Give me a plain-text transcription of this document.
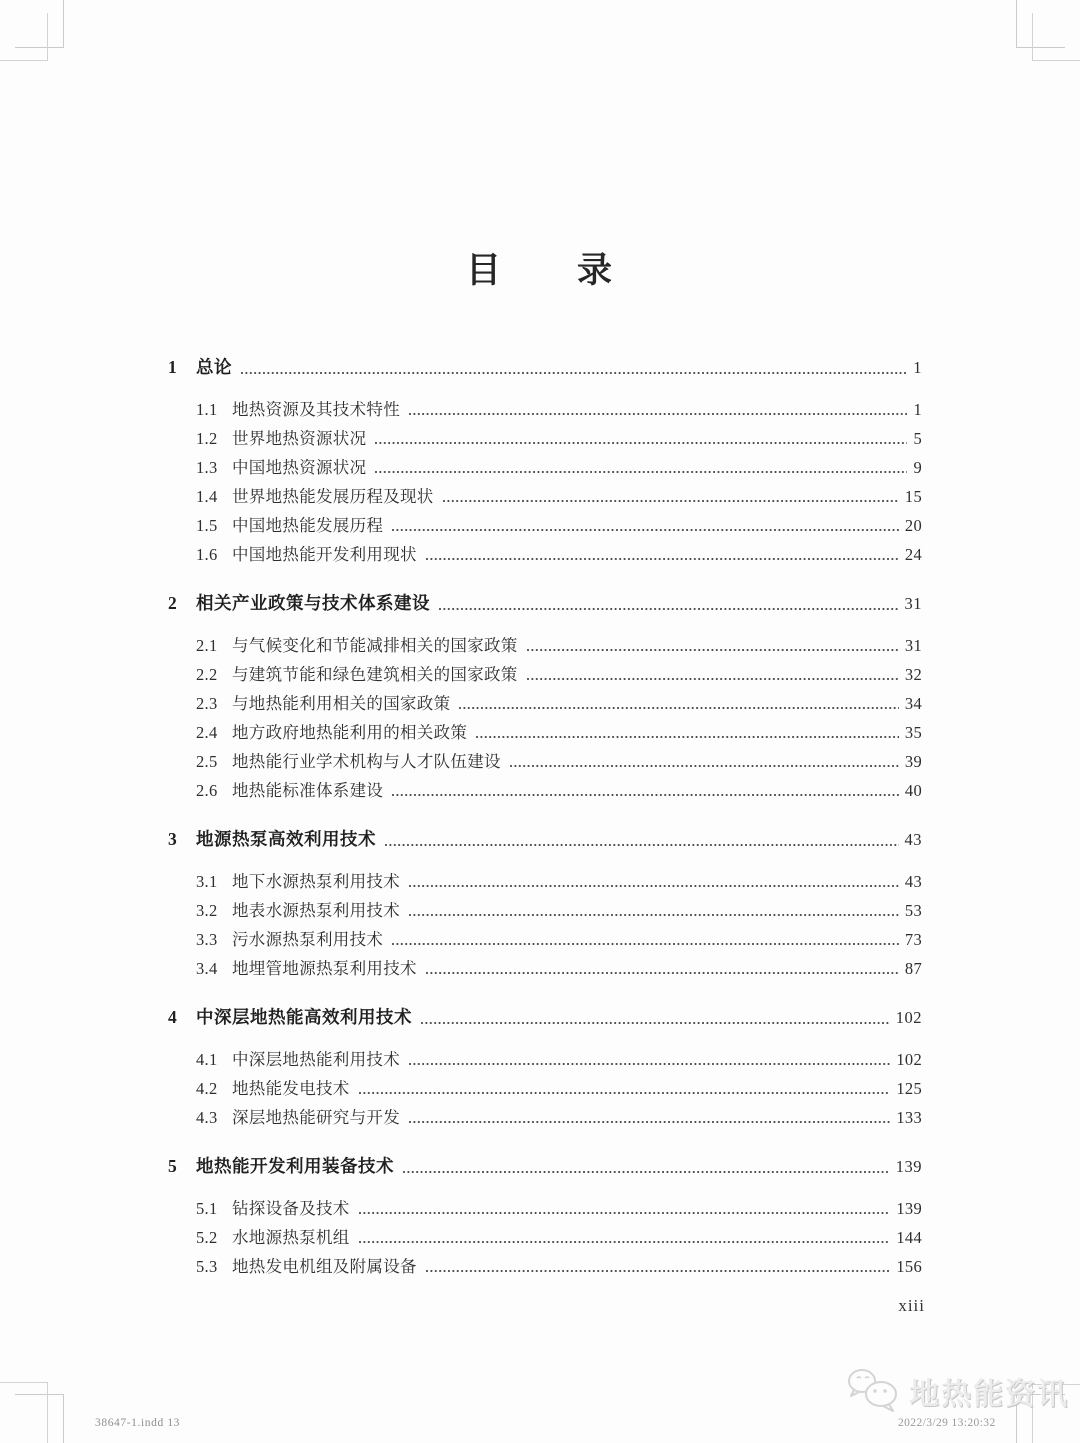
目　　录
1	总论	1
1.1 地热资源及其技术特性	1
1.2 世界地热资源状况	5
1.3 中国地热资源状况	9
1.4 世界地热能发展历程及现状	15
1.5 中国地热能发展历程	20
1.6 中国地热能开发利用现状	24
2	相关产业政策与技术体系建设	31
2.1 与气候变化和节能减排相关的国家政策	31
2.2 与建筑节能和绿色建筑相关的国家政策	32
2.3 与地热能利用相关的国家政策	34
2.4 地方政府地热能利用的相关政策	35
2.5 地热能行业学术机构与人才队伍建设	39
2.6 地热能标准体系建设	40
3	地源热泵高效利用技术	43
3.1 地下水源热泵利用技术	43
3.2 地表水源热泵利用技术	53
3.3 污水源热泵利用技术	73
3.4 地埋管地源热泵利用技术	87
4	中深层地热能高效利用技术	102
4.1 中深层地热能利用技术	102
4.2 地热能发电技术	125
4.3 深层地热能研究与开发	133
5	地热能开发利用装备技术	139
5.1 钻探设备及技术	139
5.2 水地源热泵机组	144
5.3 地热发电机组及附属设备	156
xiii
38647-1.indd 13
地热能资讯
2022/3/29 13:20:32
